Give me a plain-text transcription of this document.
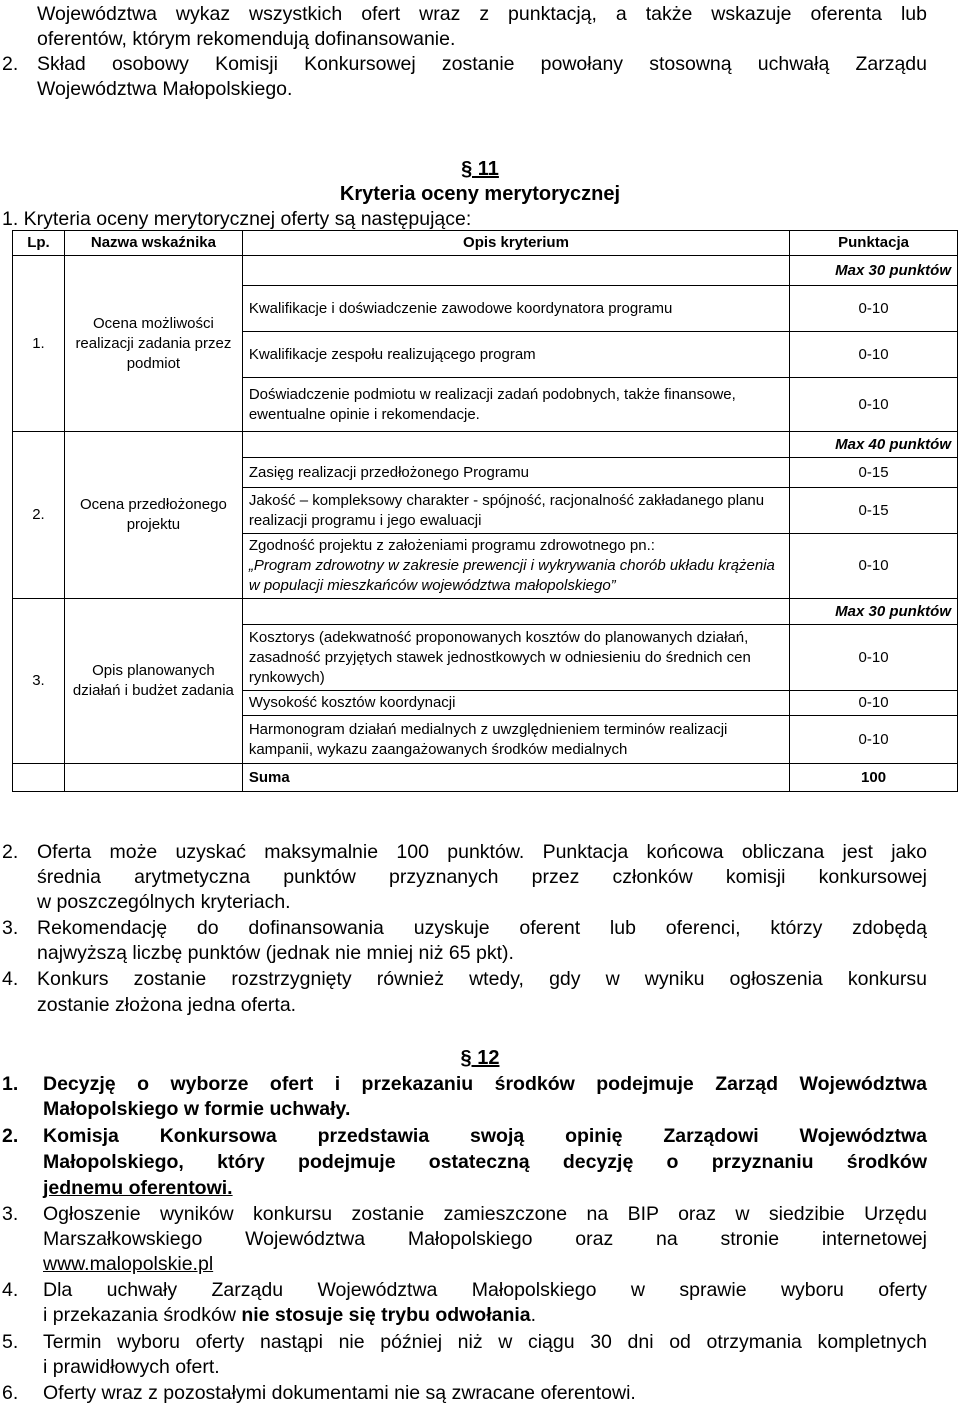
Województwa wykaz wszystkich ofert wraz z punktacją, a także wskazuje oferenta lub
oferentów, którym rekomendują dofinansowanie.
2. Skład osobowy Komisji Konkursowej zostanie powołany stosowną uchwałą Zarządu
Województwa Małopolskiego.
§ 11
Kryteria oceny merytorycznej
1. Kryteria oceny merytorycznej oferty są następujące:
Lp.	Nazwa wskaźnika	Opis kryterium	Punktacja
1.	Ocena możliwości realizacji zadania przez podmiot		Max 30 punktów
		Kwalifikacje i doświadczenie zawodowe koordynatora programu	0-10
		Kwalifikacje zespołu realizującego program	0-10
		Doświadczenie podmiotu w realizacji zadań podobnych, także finansowe, ewentualne opinie i rekomendacje.	0-10
2.	Ocena przedłożonego projektu		Max 40 punktów
		Zasięg realizacji przedłożonego Programu	0-15
		Jakość – kompleksowy charakter - spójność, racjonalność zakładanego planu realizacji programu i jego ewaluacji	0-15
		Zgodność projektu z założeniami programu zdrowotnego pn.:
„Program zdrowotny w zakresie prewencji i wykrywania chorób układu krążenia w populacji mieszkańców województwa małopolskiego”	0-10
3.	Opis planowanych działań i budżet zadania		Max 30 punktów
		Kosztorys (adekwatność proponowanych kosztów do planowanych działań, zasadność przyjętych stawek jednostkowych w odniesieniu do średnich cen rynkowych)	0-10
		Wysokość kosztów koordynacji	0-10
		Harmonogram działań medialnych z uwzględnieniem terminów realizacji kampanii, wykazu zaangażowanych środków medialnych	0-10
		Suma	100
2. Oferta może uzyskać maksymalnie 100 punktów. Punktacja końcowa obliczana jest jako
średnia arytmetyczna punktów przyznanych przez członków komisji konkursowej
w poszczególnych kryteriach.
3. Rekomendację do dofinansowania uzyskuje oferent lub oferenci, którzy zdobędą
najwyższą liczbę punktów (jednak nie mniej niż 65 pkt).
4. Konkurs zostanie rozstrzygnięty również wtedy, gdy w wyniku ogłoszenia konkursu
zostanie złożona jedna oferta.
§ 12
1. Decyzję o wyborze ofert i przekazaniu środków podejmuje Zarząd Województwa
Małopolskiego w formie uchwały.
2. Komisja Konkursowa przedstawia swoją opinię Zarządowi Województwa
Małopolskiego, który podejmuje ostateczną decyzję o przyznaniu środków
jednemu oferentowi.
3. Ogłoszenie wyników konkursu zostanie zamieszczone na BIP oraz w siedzibie Urzędu
Marszałkowskiego Województwa Małopolskiego oraz na stronie internetowej
www.malopolskie.pl
4. Dla uchwały Zarządu Województwa Małopolskiego w sprawie wyboru oferty
i przekazania środków nie stosuje się trybu odwołania.
5. Termin wyboru oferty nastąpi nie później niż w ciągu 30 dni od otrzymania kompletnych
i prawidłowych ofert.
6. Oferty wraz z pozostałymi dokumentami nie są zwracane oferentowi.
